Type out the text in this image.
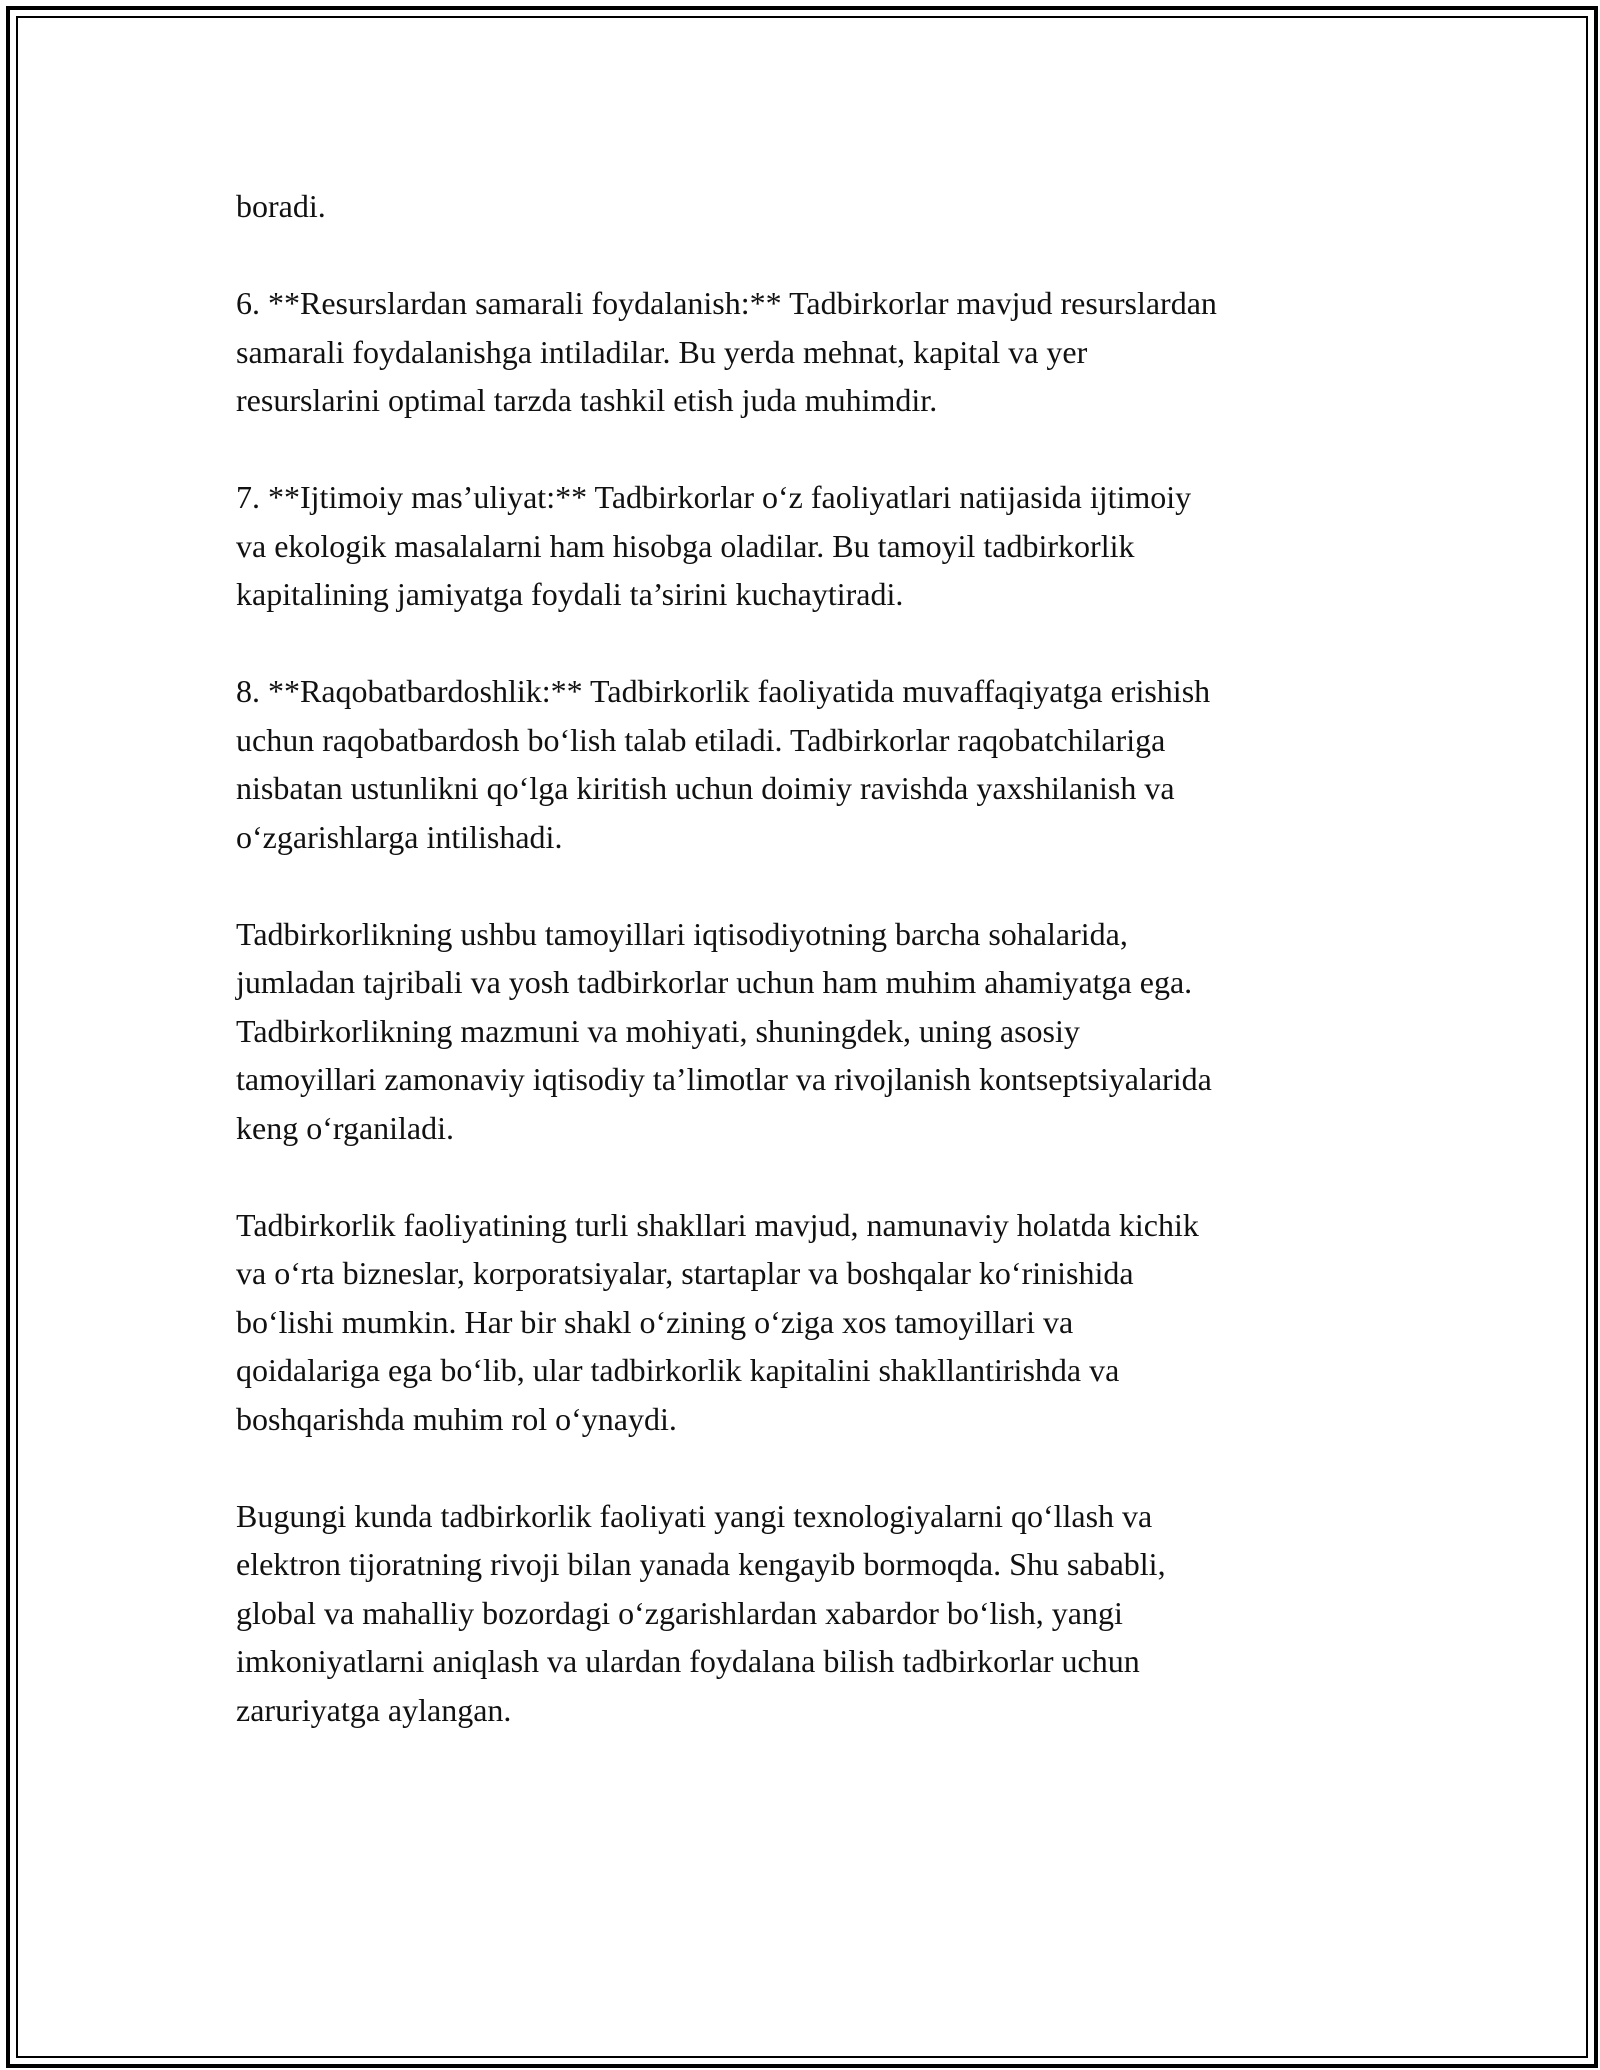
boradi.

6. **Resurslardan samarali foydalanish:** Tadbirkorlar mavjud resurslardan
samarali foydalanishga intiladilar. Bu yerda mehnat, kapital va yer
resurslarini optimal tarzda tashkil etish juda muhimdir.

7. **Ijtimoiy mas’uliyat:** Tadbirkorlar o‘z faoliyatlari natijasida ijtimoiy
va ekologik masalalarni ham hisobga oladilar. Bu tamoyil tadbirkorlik
kapitalining jamiyatga foydali ta’sirini kuchaytiradi.

8. **Raqobatbardoshlik:** Tadbirkorlik faoliyatida muvaffaqiyatga erishish
uchun raqobatbardosh bo‘lish talab etiladi. Tadbirkorlar raqobatchilariga
nisbatan ustunlikni qo‘lga kiritish uchun doimiy ravishda yaxshilanish va
o‘zgarishlarga intilishadi.

Tadbirkorlikning ushbu tamoyillari iqtisodiyotning barcha sohalarida,
jumladan tajribali va yosh tadbirkorlar uchun ham muhim ahamiyatga ega.
Tadbirkorlikning mazmuni va mohiyati, shuningdek, uning asosiy
tamoyillari zamonaviy iqtisodiy ta’limotlar va rivojlanish kontseptsiyalarida
keng o‘rganiladi.

Tadbirkorlik faoliyatining turli shakllari mavjud, namunaviy holatda kichik
va o‘rta bizneslar, korporatsiyalar, startaplar va boshqalar ko‘rinishida
bo‘lishi mumkin. Har bir shakl o‘zining o‘ziga xos tamoyillari va
qoidalariga ega bo‘lib, ular tadbirkorlik kapitalini shakllantirishda va
boshqarishda muhim rol o‘ynaydi.

Bugungi kunda tadbirkorlik faoliyati yangi texnologiyalarni qo‘llash va
elektron tijoratning rivoji bilan yanada kengayib bormoqda. Shu sababli,
global va mahalliy bozordagi o‘zgarishlardan xabardor bo‘lish, yangi
imkoniyatlarni aniqlash va ulardan foydalana bilish tadbirkorlar uchun
zaruriyatga aylangan.
